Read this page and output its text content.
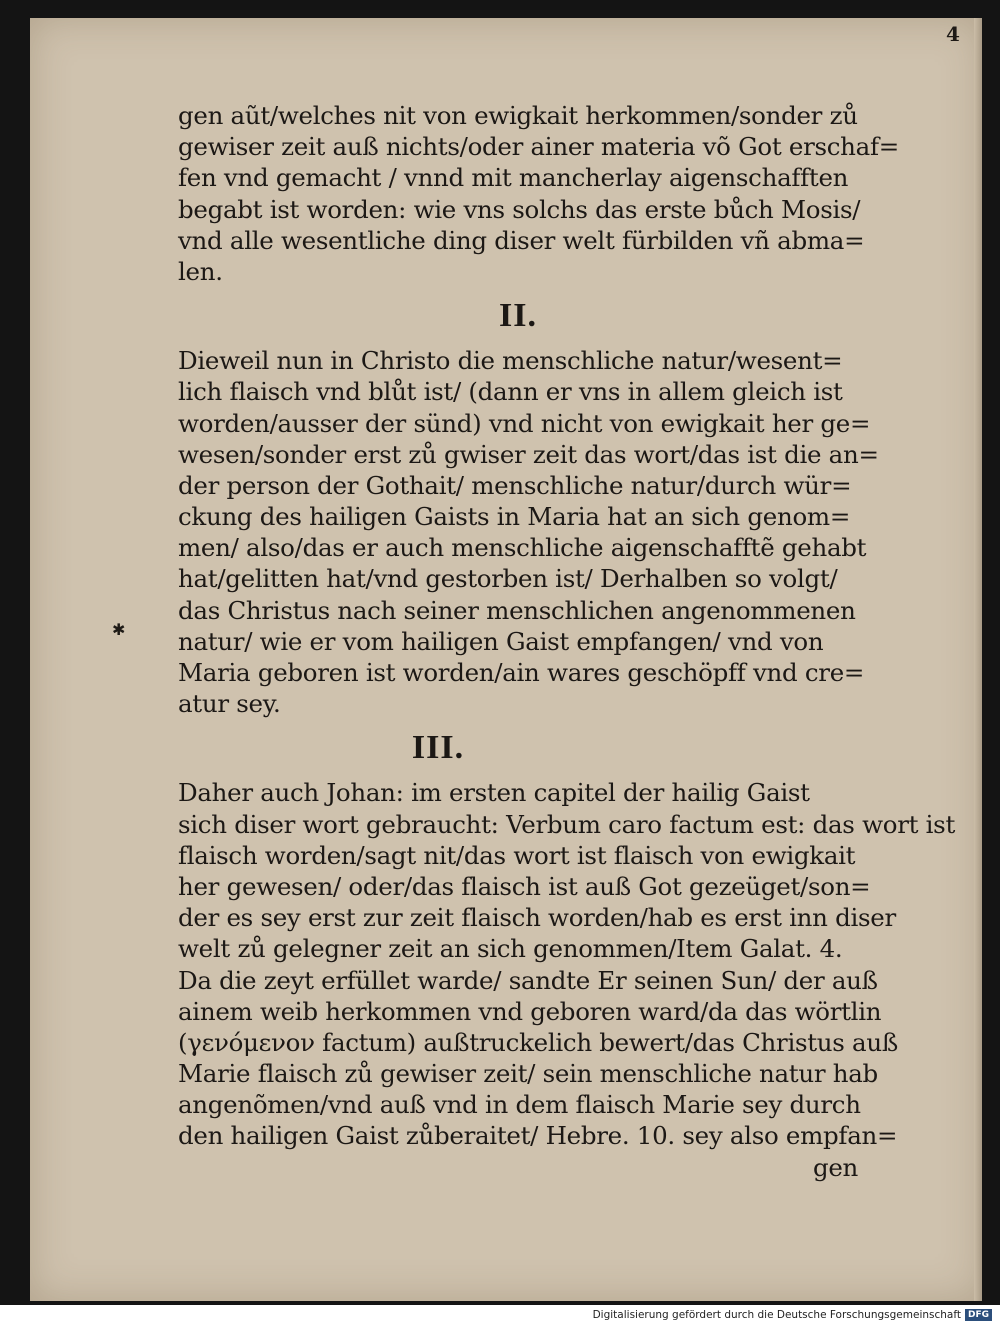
4
✱
gen aũt/welches nit von ewigkait herkommen/sonder zů
gewiser zeit auß nichts/oder ainer materia võ Got erschaf=
fen vnd gemacht / vnnd mit mancherlay aigenschafften
begabt ist worden: wie vns solchs das erste bůch Mosis/
vnd alle wesentliche ding diser welt fürbilden vñ abma=
len.
II.
Dieweil nun in Christo die menschliche natur/wesent=
lich flaisch vnd blůt ist/ (dann er vns in allem gleich ist
worden/ausser der sünd) vnd nicht von ewigkait her ge=
wesen/sonder erst zů gwiser zeit das wort/das ist die an=
der person der Gothait/ menschliche natur/durch wür=
ckung des hailigen Gaists in Maria hat an sich genom=
men/ also/das er auch menschliche aigenschafftẽ gehabt
hat/gelitten hat/vnd gestorben ist/ Derhalben so volgt/
das Christus nach seiner menschlichen angenommenen
natur/ wie er vom hailigen Gaist empfangen/ vnd von
Maria geboren ist worden/ain wares geschöpff vnd cre=
atur sey.
III.
Daher auch Johan: im ersten capitel der hailig Gaist
sich diser wort gebraucht: Verbum caro factum est: das wort ist
flaisch worden/sagt nit/das wort ist flaisch von ewigkait
her gewesen/ oder/das flaisch ist auß Got gezeüget/son=
der es sey erst zur zeit flaisch worden/hab es erst inn diser
welt zů gelegner zeit an sich genommen/Item Galat. 4.
Da die zeyt erfüllet warde/ sandte Er seinen Sun/ der auß
ainem weib herkommen vnd geboren ward/da das wörtlin
(γενόμενον factum) außtruckelich bewert/das Christus auß
Marie flaisch zů gewiser zeit/ sein menschliche natur hab
angenõmen/vnd auß vnd in dem flaisch Marie sey durch
den hailigen Gaist zůberaitet/ Hebre. 10. sey also empfan=
gen
Digitalisierung gefördert durch die Deutsche Forschungsgemeinschaft DFG
